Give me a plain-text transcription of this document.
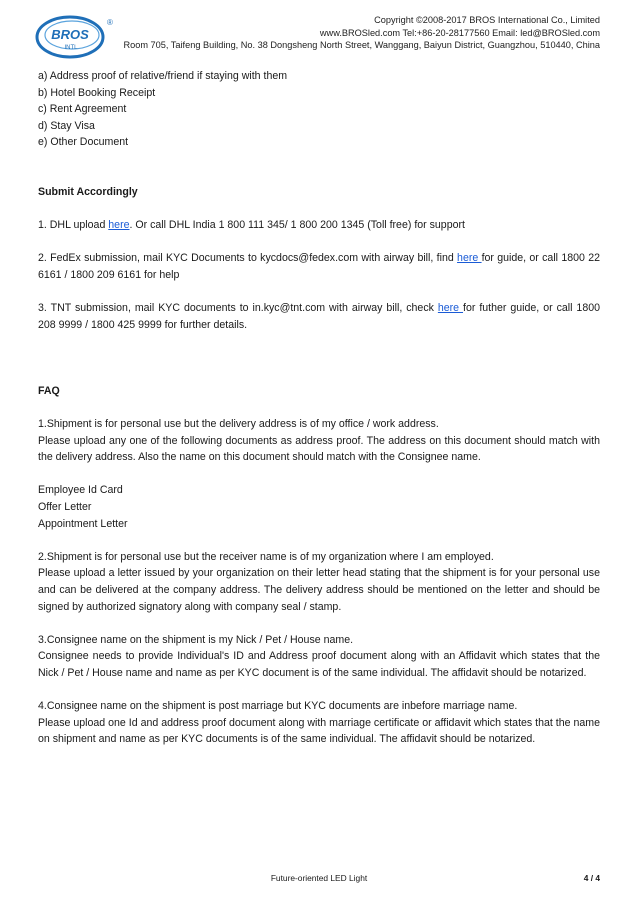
BROS
INTL
®	Copyright ©2008-2017 BROS International Co., Limited
www.BROSled.com Tel:+86-20-28177560 Email: led@BROSled.com
Room 705, Taifeng Building, No. 38 Dongsheng North Street, Wanggang, Baiyun District, Guangzhou, 510440, China

a) Address proof of relative/friend if staying with them

b) Hotel Booking Receipt

c) Rent Agreement

d) Stay Visa

e) Other Document

Submit Accordingly

1. DHL upload here. Or call DHL India 1 800 111 345/ 1 800 200 1345 (Toll free) for support

2. FedEx submission, mail KYC Documents to kycdocs@fedex.com with airway bill, find here for guide, or call 1800 22 6161 / 1800 209 6161 for help

3. TNT submission, mail KYC documents to in.kyc@tnt.com with airway bill, check here for futher guide, or call 1800 208 9999 / 1800 425 9999 for further details.

FAQ

1.Shipment is for personal use but the delivery address is of my office / work address.

Please upload any one of the following documents as address proof. The address on this document should match with the delivery address. Also the name on this document should match with the Consignee name.

Employee Id Card

Offer Letter

Appointment Letter

2.Shipment is for personal use but the receiver name is of my organization where I am employed.

Please upload a letter issued by your organization on their letter head stating that the shipment is for your personal use and can be delivered at the company address. The delivery address should be mentioned on the letter and should be signed by authorized signatory along with company seal / stamp.

3.Consignee name on the shipment is my Nick / Pet / House name.

Consignee needs to provide Individual's ID and Address proof document along with an Affidavit which states that the Nick / Pet / House name and name as per KYC document is of the same individual. The affidavit should be notarized.

4.Consignee name on the shipment is post marriage but KYC documents are inbefore marriage name.

Please upload one Id and address proof document along with marriage certificate or affidavit which states that the name on shipment and name as per KYC documents is of the same individual. The affidavit should be notarized.

Future-oriented LED Light	4 / 4
